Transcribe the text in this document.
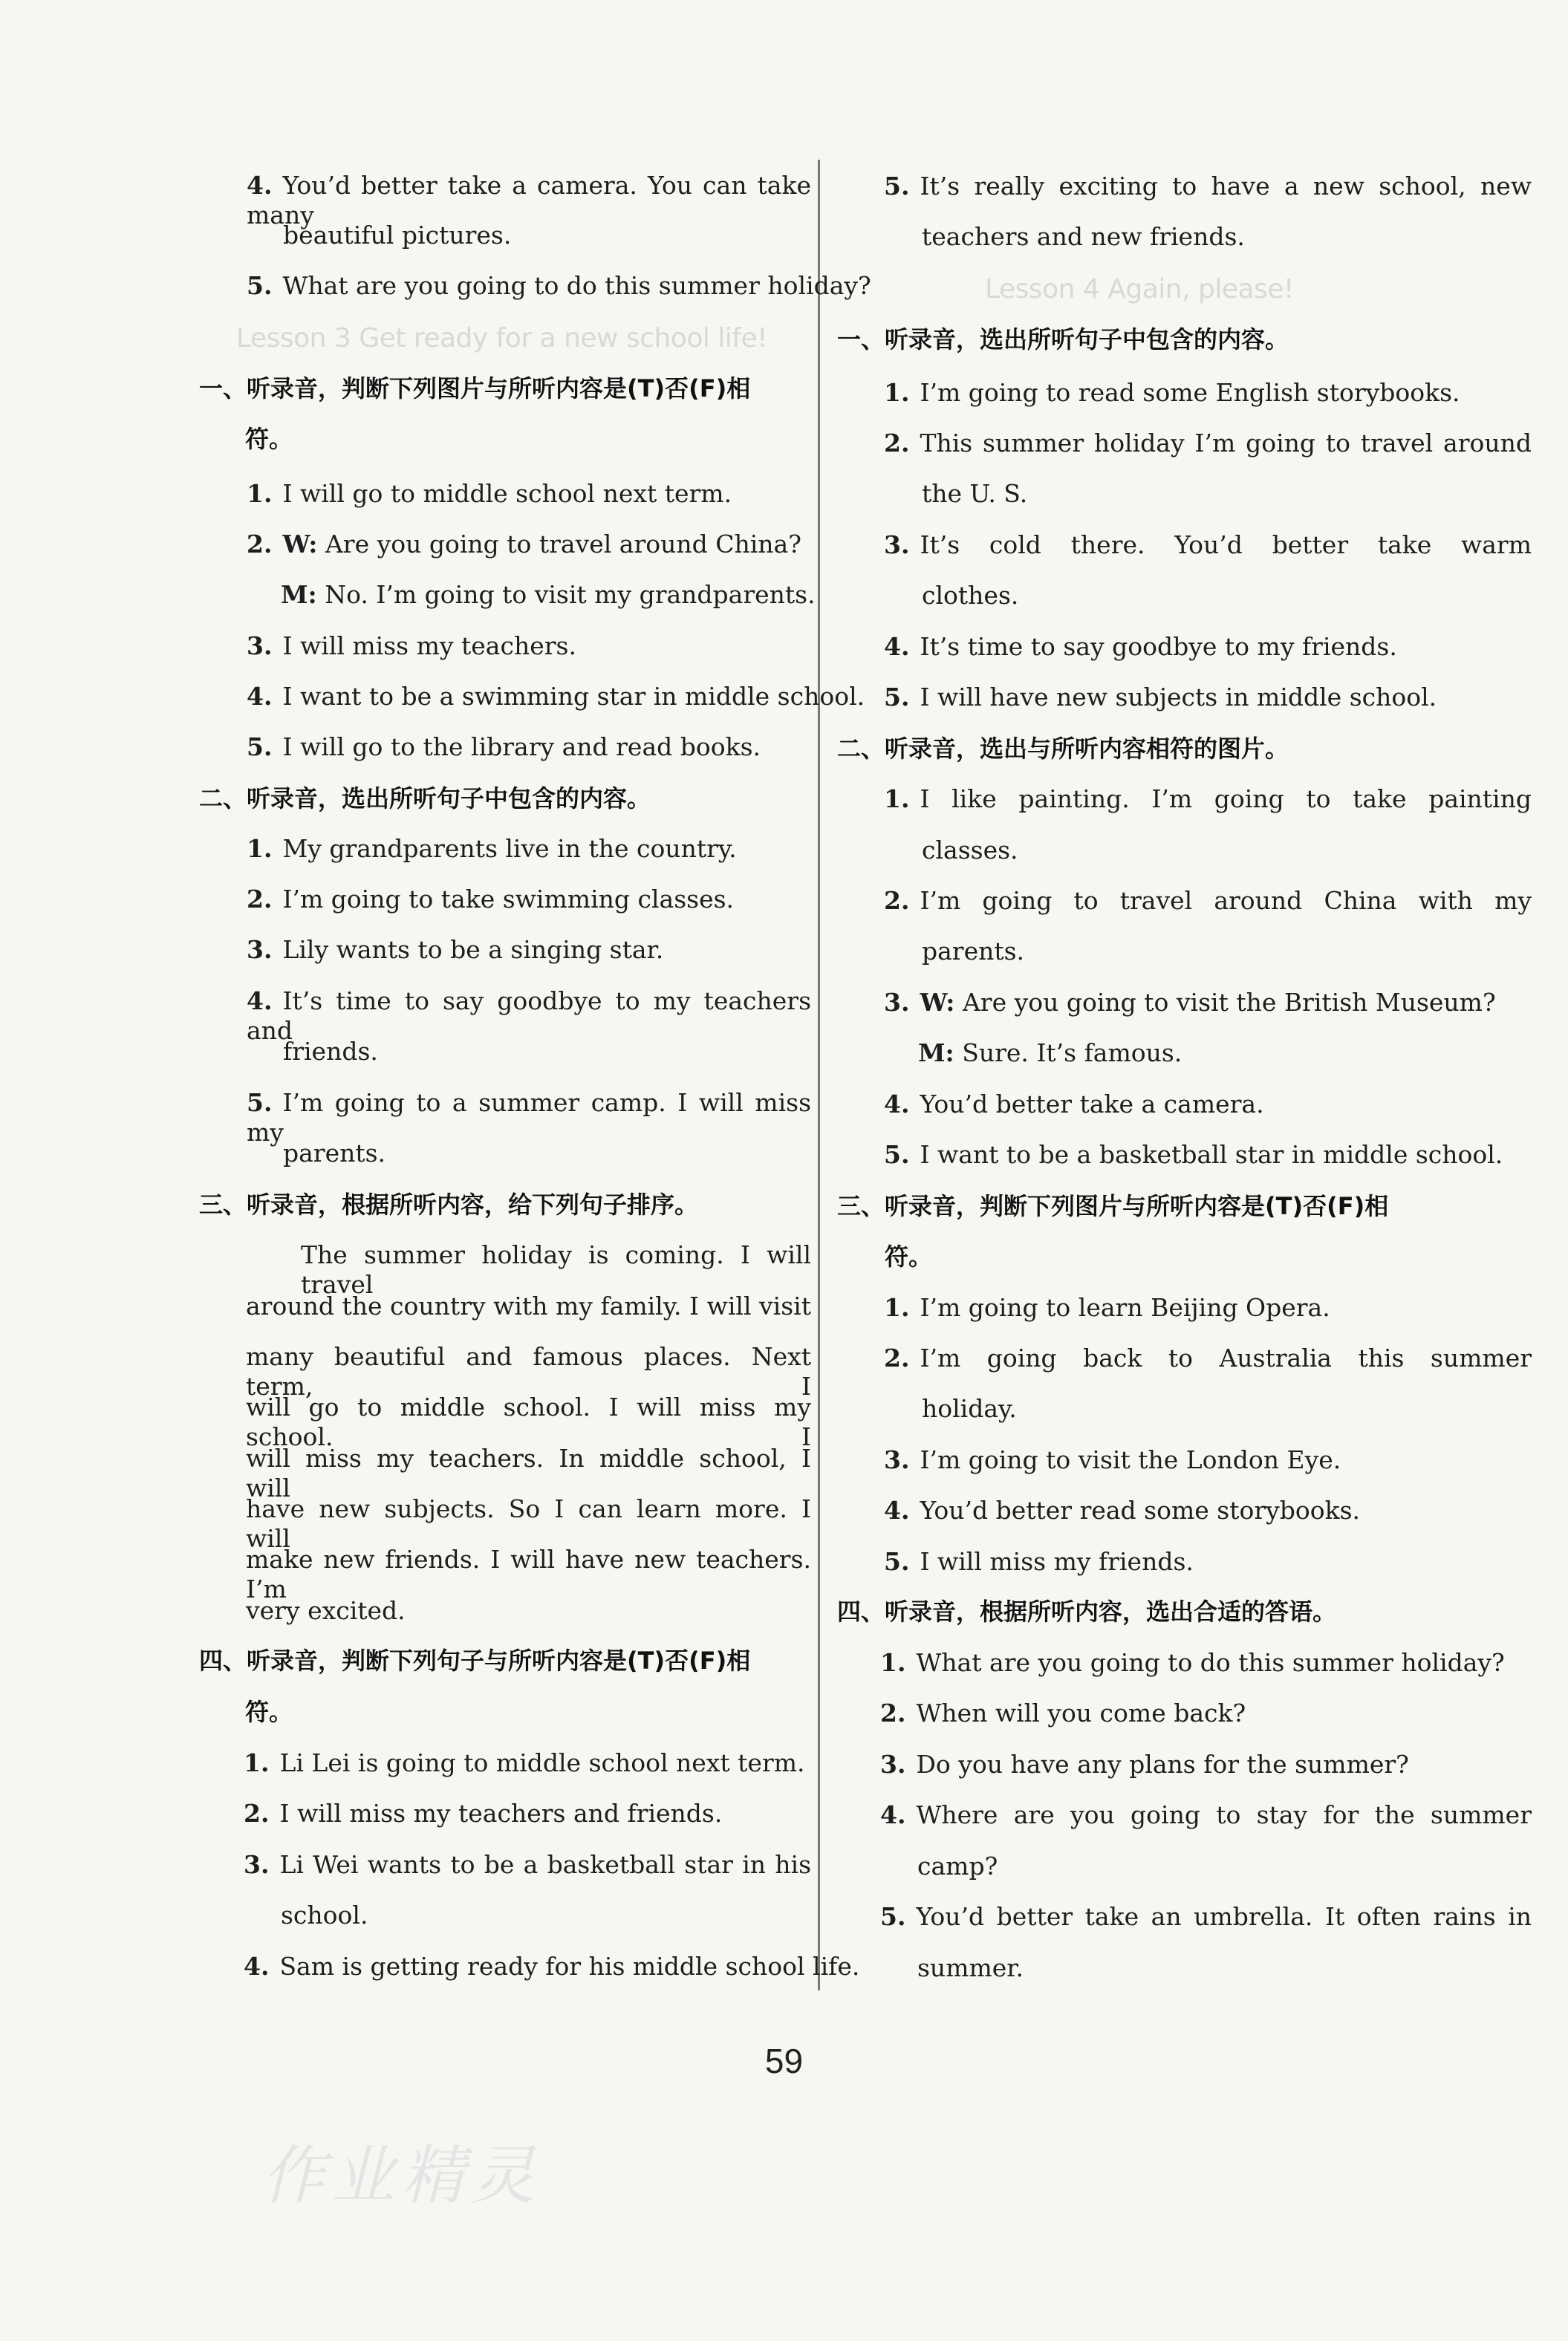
4. You’d better take a camera. You can take many
beautiful pictures.
5. What are you going to do this summer holiday?
Lesson 3 Get ready for a new school life!
一、听录音，判断下列图片与所听内容是(T)否(F)相
符。
1. I will go to middle school next term.
2. W: Are you going to travel around China?
M: No. I’m going to visit my grandparents.
3. I will miss my teachers.
4. I want to be a swimming star in middle school.
5. I will go to the library and read books.
二、听录音，选出所听句子中包含的内容。
1. My grandparents live in the country.
2. I’m going to take swimming classes.
3. Lily wants to be a singing star.
4. It’s time to say goodbye to my teachers and
friends.
5. I’m going to a summer camp. I will miss my
parents.
三、听录音，根据所听内容，给下列句子排序。
The summer holiday is coming. I will travel
around the country with my family. I will visit
many beautiful and famous places. Next term, I
will go to middle school. I will miss my school. I
will miss my teachers. In middle school, I will
have new subjects. So I can learn more. I will
make new friends. I will have new teachers. I’m
very excited.
四、听录音，判断下列句子与所听内容是(T)否(F)相
符。
1. Li Lei is going to middle school next term.
2. I will miss my teachers and friends.
3. Li Wei wants to be a basketball star in his
school.
4. Sam is getting ready for his middle school life.
5. It’s really exciting to have a new school, new
teachers and new friends.
Lesson 4 Again, please!
一、听录音，选出所听句子中包含的内容。
1. I’m going to read some English storybooks.
2. This summer holiday I’m going to travel around
the U. S.
3. It’s cold there. You’d better take warm
clothes.
4. It’s time to say goodbye to my friends.
5. I will have new subjects in middle school.
二、听录音，选出与所听内容相符的图片。
1. I like painting. I’m going to take painting
classes.
2. I’m going to travel around China with my
parents.
3. W: Are you going to visit the British Museum?
M: Sure. It’s famous.
4. You’d better take a camera.
5. I want to be a basketball star in middle school.
三、听录音，判断下列图片与所听内容是(T)否(F)相
符。
1. I’m going to learn Beijing Opera.
2. I’m going back to Australia this summer
holiday.
3. I’m going to visit the London Eye.
4. You’d better read some storybooks.
5. I will miss my friends.
四、听录音，根据所听内容，选出合适的答语。
1. What are you going to do this summer holiday?
2. When will you come back?
3. Do you have any plans for the summer?
4. Where are you going to stay for the summer
camp?
5. You’d better take an umbrella. It often rains in
summer.
59
作业精灵
